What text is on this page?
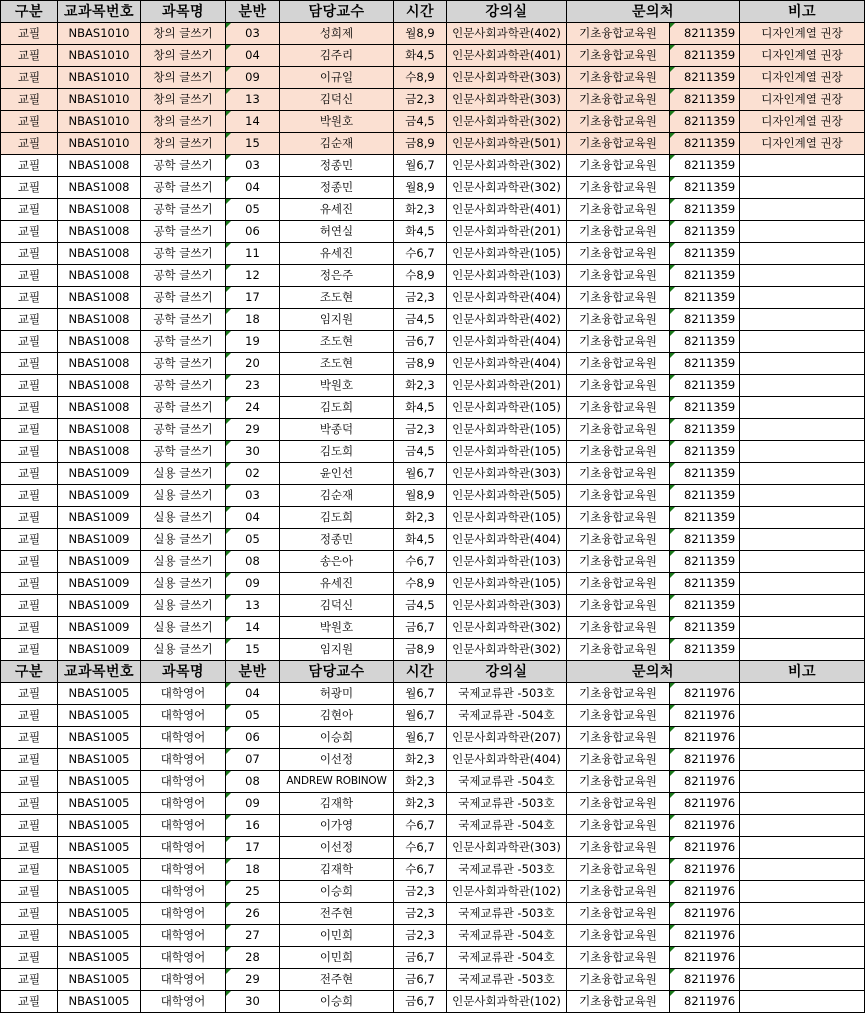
구분	교과목번호	과목명	분반	담당교수	시간	강의실	문의처		비고
교필	NBAS1010	창의 글쓰기	03	성희제	월8,9	인문사회과학관(402)	기초융합교육원	8211359	디자인계열 권장
교필	NBAS1010	창의 글쓰기	04	김주리	화4,5	인문사회과학관(401)	기초융합교육원	8211359	디자인계열 권장
교필	NBAS1010	창의 글쓰기	09	이규일	수8,9	인문사회과학관(303)	기초융합교육원	8211359	디자인계열 권장
교필	NBAS1010	창의 글쓰기	13	김덕신	금2,3	인문사회과학관(303)	기초융합교육원	8211359	디자인계열 권장
교필	NBAS1010	창의 글쓰기	14	박원호	금4,5	인문사회과학관(302)	기초융합교육원	8211359	디자인계열 권장
교필	NBAS1010	창의 글쓰기	15	김순재	금8,9	인문사회과학관(501)	기초융합교육원	8211359	디자인계열 권장
교필	NBAS1008	공학 글쓰기	03	정종민	월6,7	인문사회과학관(302)	기초융합교육원	8211359	
교필	NBAS1008	공학 글쓰기	04	정종민	월8,9	인문사회과학관(302)	기초융합교육원	8211359	
교필	NBAS1008	공학 글쓰기	05	유세진	화2,3	인문사회과학관(401)	기초융합교육원	8211359	
교필	NBAS1008	공학 글쓰기	06	허연실	화4,5	인문사회과학관(201)	기초융합교육원	8211359	
교필	NBAS1008	공학 글쓰기	11	유세진	수6,7	인문사회과학관(105)	기초융합교육원	8211359	
교필	NBAS1008	공학 글쓰기	12	정은주	수8,9	인문사회과학관(103)	기초융합교육원	8211359	
교필	NBAS1008	공학 글쓰기	17	조도현	금2,3	인문사회과학관(404)	기초융합교육원	8211359	
교필	NBAS1008	공학 글쓰기	18	임지원	금4,5	인문사회과학관(402)	기초융합교육원	8211359	
교필	NBAS1008	공학 글쓰기	19	조도현	금6,7	인문사회과학관(404)	기초융합교육원	8211359	
교필	NBAS1008	공학 글쓰기	20	조도현	금8,9	인문사회과학관(404)	기초융합교육원	8211359	
교필	NBAS1008	공학 글쓰기	23	박원호	화2,3	인문사회과학관(201)	기초융합교육원	8211359	
교필	NBAS1008	공학 글쓰기	24	김도희	화4,5	인문사회과학관(105)	기초융합교육원	8211359	
교필	NBAS1008	공학 글쓰기	29	박종덕	금2,3	인문사회과학관(105)	기초융합교육원	8211359	
교필	NBAS1008	공학 글쓰기	30	김도희	금4,5	인문사회과학관(105)	기초융합교육원	8211359	
교필	NBAS1009	실용 글쓰기	02	윤인선	월6,7	인문사회과학관(303)	기초융합교육원	8211359	
교필	NBAS1009	실용 글쓰기	03	김순재	월8,9	인문사회과학관(505)	기초융합교육원	8211359	
교필	NBAS1009	실용 글쓰기	04	김도희	화2,3	인문사회과학관(105)	기초융합교육원	8211359	
교필	NBAS1009	실용 글쓰기	05	정종민	화4,5	인문사회과학관(404)	기초융합교육원	8211359	
교필	NBAS1009	실용 글쓰기	08	송은아	수6,7	인문사회과학관(103)	기초융합교육원	8211359	
교필	NBAS1009	실용 글쓰기	09	유세진	수8,9	인문사회과학관(105)	기초융합교육원	8211359	
교필	NBAS1009	실용 글쓰기	13	김덕신	금4,5	인문사회과학관(303)	기초융합교육원	8211359	
교필	NBAS1009	실용 글쓰기	14	박원호	금6,7	인문사회과학관(302)	기초융합교육원	8211359	
교필	NBAS1009	실용 글쓰기	15	임지원	금8,9	인문사회과학관(302)	기초융합교육원	8211359	
구분	교과목번호	과목명	분반	담당교수	시간	강의실	문의처		비고
교필	NBAS1005	대학영어	04	허광미	월6,7	국제교류관 -503호	기초융합교육원	8211976	
교필	NBAS1005	대학영어	05	김현아	월6,7	국제교류관 -504호	기초융합교육원	8211976	
교필	NBAS1005	대학영어	06	이승희	월6,7	인문사회과학관(207)	기초융합교육원	8211976	
교필	NBAS1005	대학영어	07	이선정	화2,3	인문사회과학관(404)	기초융합교육원	8211976	
교필	NBAS1005	대학영어	08	ANDREW ROBINOW	화2,3	국제교류관 -504호	기초융합교육원	8211976	
교필	NBAS1005	대학영어	09	김재학	화2,3	국제교류관 -503호	기초융합교육원	8211976	
교필	NBAS1005	대학영어	16	이가영	수6,7	국제교류관 -504호	기초융합교육원	8211976	
교필	NBAS1005	대학영어	17	이선정	수6,7	인문사회과학관(303)	기초융합교육원	8211976	
교필	NBAS1005	대학영어	18	김재학	수6,7	국제교류관 -503호	기초융합교육원	8211976	
교필	NBAS1005	대학영어	25	이승희	금2,3	인문사회과학관(102)	기초융합교육원	8211976	
교필	NBAS1005	대학영어	26	전주현	금2,3	국제교류관 -503호	기초융합교육원	8211976	
교필	NBAS1005	대학영어	27	이민희	금2,3	국제교류관 -504호	기초융합교육원	8211976	
교필	NBAS1005	대학영어	28	이민희	금6,7	국제교류관 -504호	기초융합교육원	8211976	
교필	NBAS1005	대학영어	29	전주현	금6,7	국제교류관 -503호	기초융합교육원	8211976	
교필	NBAS1005	대학영어	30	이승희	금6,7	인문사회과학관(102)	기초융합교육원	8211976	
